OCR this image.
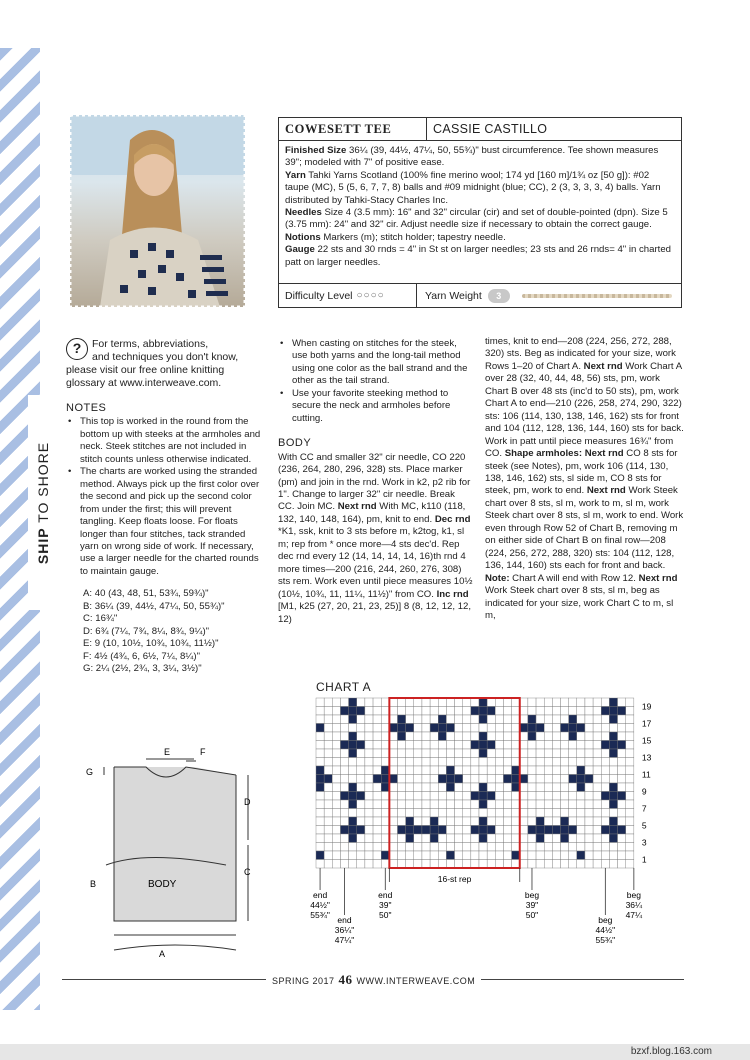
SHIP TO SHORE
COWESETT TEE	CASSIE CASTILLO

Finished Size 36¼ (39, 44½, 47¼, 50, 55¾)" bust circumference. Tee shown measures 39"; modeled with 7" of positive ease.

Yarn Tahki Yarns Scotland (100% fine merino wool; 174 yd [160 m]/1¾ oz [50 g]): #02 taupe (MC), 5 (5, 6, 7, 7, 8) balls and #09 midnight (blue; CC), 2 (3, 3, 3, 3, 4) balls. Yarn distributed by Tahki-Stacy Charles Inc.

Needles Size 4 (3.5 mm): 16" and 32" circular (cir) and set of double-pointed (dpn). Size 5 (3.75 mm): 24" and 32" cir. Adjust needle size if necessary to obtain the correct gauge.

Notions Markers (m); stitch holder; tapestry needle.

Gauge 22 sts and 30 rnds = 4" in St st on larger needles; 23 sts and 26 rnds= 4" in charted patt on larger needles.

Difficulty Level ○○○○	Yarn Weight	3
?	For terms, abbreviations,
and techniques you don't know,
please visit our free online knitting
glossary at www.interweave.com.
NOTES
• This top is worked in the round from the bottom up with steeks at the armholes and neck. Steek stitches are not included in stitch counts unless otherwise indicated.
• The charts are worked using the stranded method. Always pick up the first color over the second and pick up the second color from under the first; this will prevent tangling. Keep floats loose. For floats longer than four stitches, tack stranded yarn on wrong side of work. If necessary, use a larger needle for the charted rounds to maintain gauge.
A: 40 (43, 48, 51, 53¾, 59¾)"
B: 36¼ (39, 44½, 47¼, 50, 55¾)"
C: 16¾"
D: 6¾ (7¼, 7¾, 8¼, 8¾, 9¼)"
E: 9 (10, 10½, 10¾, 10¾, 11½)"
F: 4½ (4¾, 6, 6½, 7¼, 8¼)"
G: 2¼ (2½, 2¾, 3, 3¼, 3½)"
E	F
G
D
C
B	BODY
A
• When casting on stitches for the steek, use both yarns and the long-tail method using one color as the ball strand and the other as the tail strand.
• Use your favorite steeking method to secure the neck and armholes before cutting.
BODY

With CC and smaller 32" cir needle, CO 220 (236, 264, 280, 296, 328) sts. Place marker (pm) and join in the rnd. Work in k2, p2 rib for 1". Change to larger 32" cir needle. Break CC. Join MC. Next rnd With MC, k110 (118, 132, 140, 148, 164), pm, knit to end. Dec rnd *K1, ssk, knit to 3 sts before m, k2tog, k1, sl m; rep from * once more—4 sts dec'd. Rep dec rnd every 12 (14, 14, 14, 14, 16)th rnd 4 more times—200 (216, 244, 260, 276, 308) sts rem. Work even until piece measures 10½ (10½, 10¾, 11, 11¼, 11½)" from CO. Inc rnd [M1, k25 (27, 20, 21, 23, 25)] 8 (8, 12, 12, 12, 12)

times, knit to end—208 (224, 256, 272, 288, 320) sts. Beg as indicated for your size, work Rows 1–20 of Chart A. Next rnd Work Chart A over 28 (32, 40, 44, 48, 56) sts, pm, work Chart B over 48 sts (inc'd to 50 sts), pm, work Chart A to end—210 (226, 258, 274, 290, 322) sts: 106 (114, 130, 138, 146, 162) sts for front and 104 (112, 128, 136, 144, 160) sts for back. Work in patt until piece measures 16¾" from CO. Shape armholes: Next rnd CO 8 sts for steek (see Notes), pm, work 106 (114, 130, 138, 146, 162) sts, sl side m, CO 8 sts for steek, pm, work to end. Next rnd Work Steek chart over 8 sts, sl m, work to m, sl m, work Steek chart over 8 sts, sl m, work to end. Work even through Row 52 of Chart B, removing m on either side of Chart B on final row—208 (224, 256, 272, 288, 320) sts: 104 (112, 128, 136, 144, 160) sts each for front and back. Note: Chart A will end with Row 12. Next rnd Work Steek chart over 8 sts, sl m, beg as indicated for your size, work Chart C to m, sl m,

CHART A
19
17
15
13
11
9
7
5
3
1
end
44½"
55¾"
end
39"
50"
end
36¼"
47¼"
beg
39"
50"	beg
44½"
55¾"
beg
36¼
47¼
16-st rep
SPRING 2017 46 WWW.INTERWEAVE.COM
bzxf.blog.163.com
